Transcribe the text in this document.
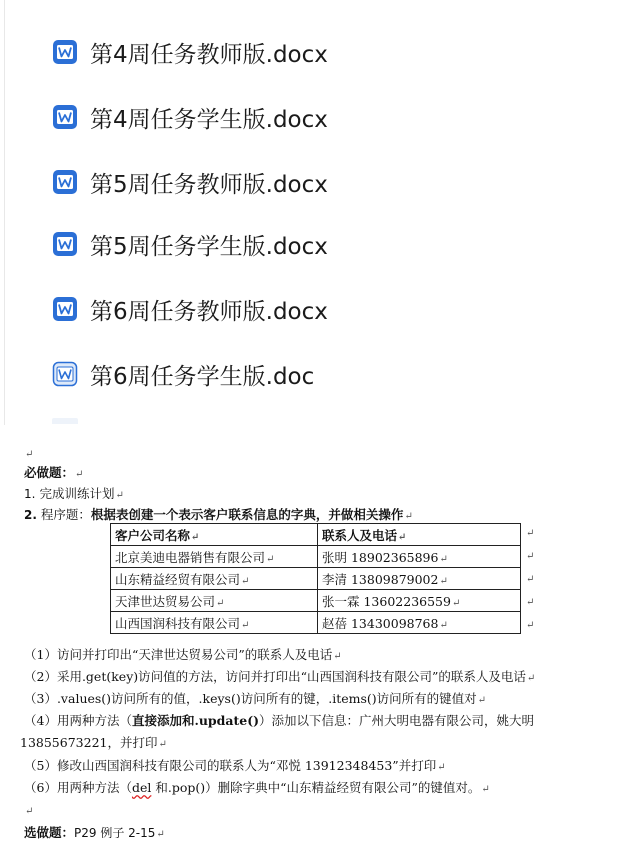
第4周任务教师版.docx
第4周任务学生版.docx
第5周任务教师版.docx
第5周任务学生版.docx
第6周任务教师版.docx
第6周任务学生版.doc
↵
必做题：↵
1. 完成训练计划↵
2. 程序题：根据表创建一个表示客户联系信息的字典，并做相关操作↵
客户公司名称↵	联系人及电话↵
北京美迪电器销售有限公司↵	张明 18902365896↵
山东精益经贸有限公司↵	李清 13809879002↵
天津世达贸易公司↵	张一霖 13602236559↵
山西国润科技有限公司↵	赵蓓 13430098768↵
↵
↵
↵
↵
↵
（1）访问并打印出“天津世达贸易公司”的联系人及电话↵
（2）采用.get(key)访问值的方法，访问并打印出“山西国润科技有限公司”的联系人及电话↵
（3）.values()访问所有的值，.keys()访问所有的键，.items()访问所有的键值对↵
（4）用两种方法（直接添加和.update()）添加以下信息：广州大明电器有限公司，姚大明
13855673221，并打印↵
（5）修改山西国润科技有限公司的联系人为“邓悦 13912348453”并打印↵
（6）用两种方法（del 和.pop()）删除字典中“山东精益经贸有限公司”的键值对。↵
↵
选做题：P29 例子 2-15↵
